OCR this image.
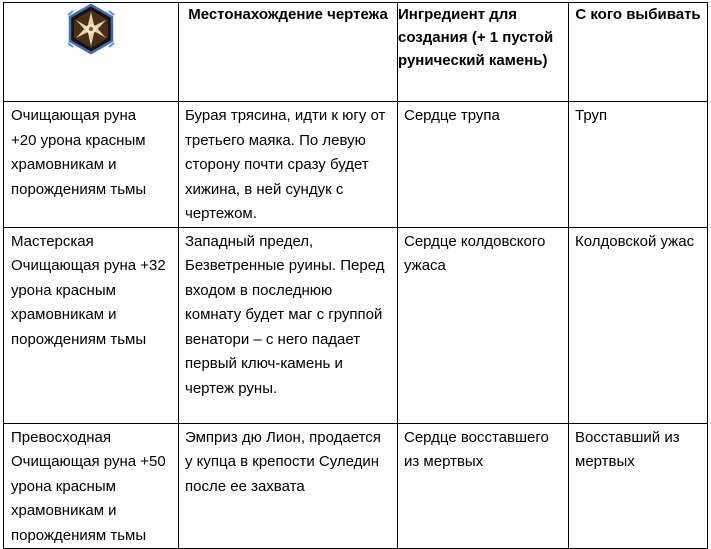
	Местонахождение чертежа	Ингредиент для создания (+ 1 пустой рунический камень)	С кого выбивать

Очищающая руна
+20 урона красным храмовникам и порождениям тьмы	Бурая трясина, идти к югу от третьего маяка. По левую сторону почти сразу будет хижина, в ней сундук с чертежом.	Сердце трупа	Труп

Мастерская Очищающая руна +32 урона красным храмовникам и порождениям тьмы	Западный предел, Безветренные руины. Перед входом в последнюю комнату будет маг с группой венатори – с него падает первый ключ-камень и чертеж руны.	Сердце колдовского ужаса	Колдовской ужас

Превосходная Очищающая руна +50 урона красным храмовникам и порождениям тьмы	Эмприз дю Лион, продается у купца в крепости Суледин после ее захвата	Сердце восставшего из мертвых	Восставший из мертвых
